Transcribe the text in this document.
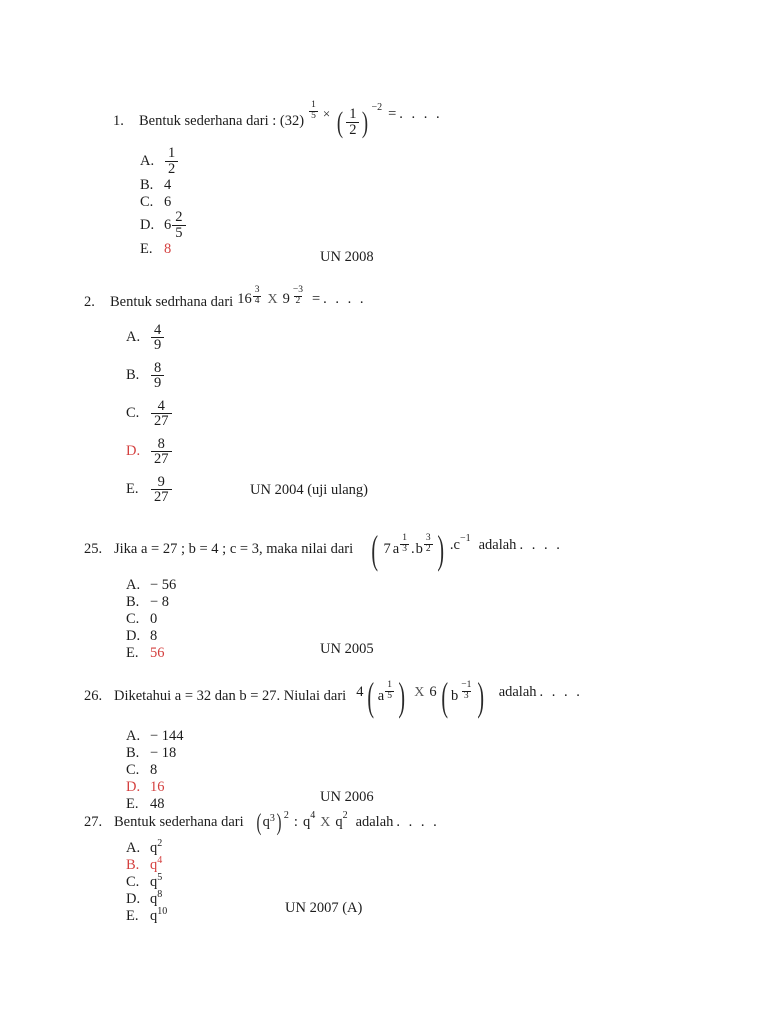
1.	Bentuk sederhana dari : $(32) \frac{1}{5}$ × ( $\frac{1}{2}$ ) −2 = . . . .
A. $\frac{1}{2}$
B. 4
C. 6
D. $6 \frac{2}{5}$
E. 8
UN 2008
2.	Bentuk sedrhana dari $16 \frac{3}{4}$ X $9 \frac{-3}{2}$ = . . . .
A. $\frac{4}{9}$
B. $\frac{8}{9}$
C. $\frac{4}{27}$
D. $\frac{8}{27}$
E. $\frac{9}{27}$	UN 2004 (uji ulang)
25. Jika a = 27 ; b = 4 ; c = 3, maka nilai dari ( 7 a $\frac{1}{3}$ . b $\frac{3}{2}$ ) . c −1 adalah . . . .
A. − 56
B. − 8
C. 0
D. 8
E. 56	UN 2005
26. Diketahui a = 32 dan b = 27. Niulai dari 4 ( a $\frac{1}{5}$ ) X 6 ( b $\frac{-1}{3}$ ) adalah . . . .
A. − 144
B. − 18
C. 8
D. 16
E. 48	UN 2006
27. Bentuk sederhana dari ( q 3 ) 2 : q 4 X q 2 adalah . . . .
A. q 2
B. q 4
C. q 5
D. q 8
E. q 10	UN 2007 (A)
